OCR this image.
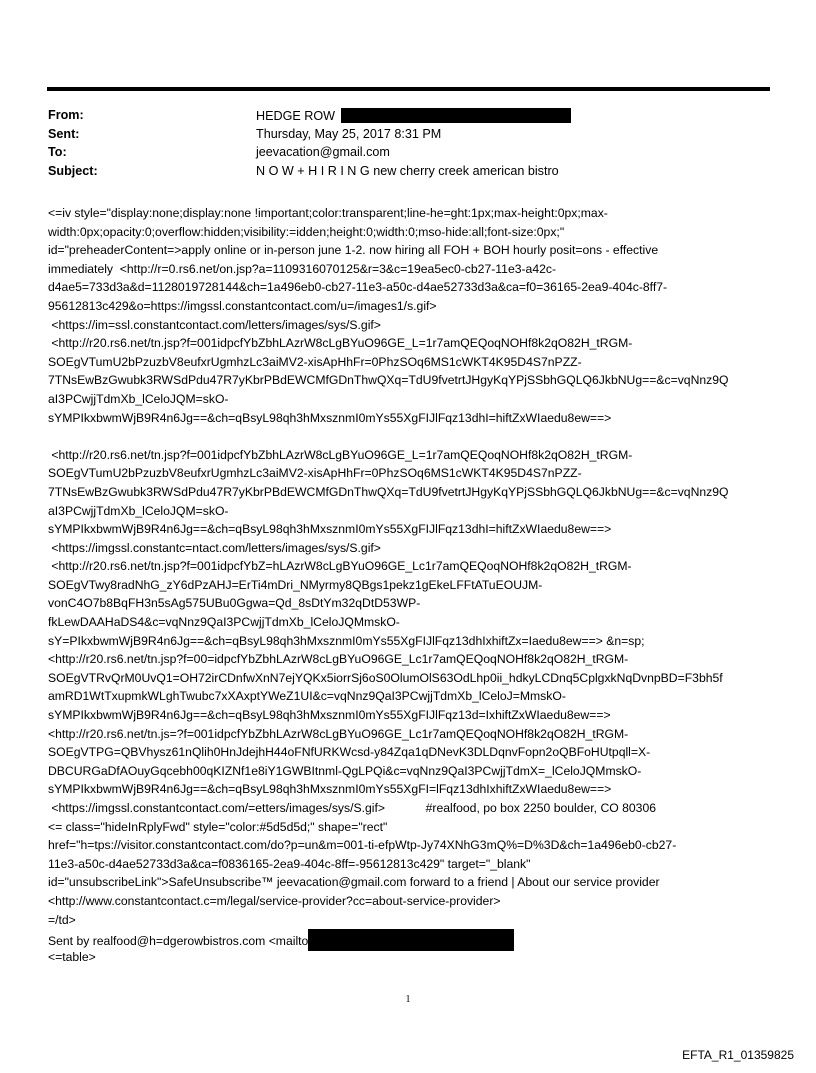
From:	HEDGE ROW
Sent:	Thursday, May 25, 2017 8:31 PM
To:	jeevacation@gmail.com
Subject:	N O W + H I R I N G new cherry creek american bistro
<=iv style="display:none;display:none !important;color:transparent;line-he=ght:1px;max-height:0px;max-
width:0px;opacity:0;overflow:hidden;visibility:=idden;height:0;width:0;mso-hide:all;font-size:0px;"
id="preheaderContent=>apply online or in-person june 1-2. now hiring all FOH + BOH hourly posit=ons - effective
immediately  <http://r=0.rs6.net/on.jsp?a=1109316070125&r=3&c=19ea5ec0-cb27-11e3-a42c-
d4ae5=733d3a&d=1128019728144&ch=1a496eb0-cb27-11e3-a50c-d4ae52733d3a&ca=f0=36165-2ea9-404c-8ff7-
95612813c429&o=https://imgssl.constantcontact.com/u=/images1/s.gif>
<https://im=ssl.constantcontact.com/letters/images/sys/S.gif>
<http://r20.rs6.net/tn.jsp?f=001idpcfYbZbhLAzrW8cLgBYuO96GE_L=1r7amQEQoqNOHf8k2qO82H_tRGM-
SOEgVTumU2bPzuzbV8eufxrUgmhzLc3aiMV2-xisApHhFr=0PhzSOq6MS1cWKT4K95D4S7nPZZ-
7TNsEwBzGwubk3RWSdPdu47R7yKbrPBdEWCMfGDnThwQXq=TdU9fvetrtJHgyKqYPjSSbhGQLQ6JkbNUg==&c=vqNnz9Q
aI3PCwjjTdmXb_lCeloJQM=skO-
sYMPIkxbwmWjB9R4n6Jg==&ch=qBsyL98qh3hMxsznmI0mYs55XgFIJlFqz13dhI=hiftZxWIaedu8ew==>
<http://r20.rs6.net/tn.jsp?f=001idpcfYbZbhLAzrW8cLgBYuO96GE_L=1r7amQEQoqNOHf8k2qO82H_tRGM-
SOEgVTumU2bPzuzbV8eufxrUgmhzLc3aiMV2-xisApHhFr=0PhzSOq6MS1cWKT4K95D4S7nPZZ-
7TNsEwBzGwubk3RWSdPdu47R7yKbrPBdEWCMfGDnThwQXq=TdU9fvetrtJHgyKqYPjSSbhGQLQ6JkbNUg==&c=vqNnz9Q
aI3PCwjjTdmXb_lCeloJQM=skO-
sYMPIkxbwmWjB9R4n6Jg==&ch=qBsyL98qh3hMxsznmI0mYs55XgFIJlFqz13dhI=hiftZxWIaedu8ew==>
<https://imgssl.constantc=ntact.com/letters/images/sys/S.gif>
<http://r20.rs6.net/tn.jsp?f=001idpcfYbZ=hLAzrW8cLgBYuO96GE_Lc1r7amQEQoqNOHf8k2qO82H_tRGM-
SOEgVTwy8radNhG_zY6dPzAHJ=ErTi4mDri_NMyrmy8QBgs1pekz1gEkeLFFtATuEOUJM-
vonC4O7b8BqFH3n5sAg575UBu0Ggwa=Qd_8sDtYm32qDtD53WP-
fkLewDAAHaDS4&c=vqNnz9QaI3PCwjjTdmXb_lCeloJQMmskO-
sY=PIkxbwmWjB9R4n6Jg==&ch=qBsyL98qh3hMxsznmI0mYs55XgFIJlFqz13dhIxhiftZx=Iaedu8ew==> &n=sp;
<http://r20.rs6.net/tn.jsp?f=00=idpcfYbZbhLAzrW8cLgBYuO96GE_Lc1r7amQEQoqNOHf8k2qO82H_tRGM-
SOEgVTRvQrM0UvQ1=OH72irCDnfwXnN7ejYQKx5iorrSj6oS0OlumOlS63OdLhp0ii_hdkyLCDnq5CplgxkNqDvnpBD=F3bh5f
amRD1WtTxupmkWLghTwubc7xXAxptYWeZ1UI&c=vqNnz9QaI3PCwjjTdmXb_lCeloJ=MmskO-
sYMPIkxbwmWjB9R4n6Jg==&ch=qBsyL98qh3hMxsznmI0mYs55XgFIJlFqz13d=IxhiftZxWIaedu8ew==>
<http://r20.rs6.net/tn.js=?f=001idpcfYbZbhLAzrW8cLgBYuO96GE_Lc1r7amQEQoqNOHf8k2qO82H_tRGM-
SOEgVTPG=QBVhysz61nQlih0HnJdejhH44oFNfURKWcsd-y84Zqa1qDNevK3DLDqnvFopn2oQBFoHUtpqll=X-
DBCURGaDfAOuyGqcebh00qKIZNf1e8iY1GWBItnml-QgLPQi&c=vqNnz9QaI3PCwjjTdmX=_lCeloJQMmskO-
sYMPIkxbwmWjB9R4n6Jg==&ch=qBsyL98qh3hMxsznmI0mYs55XgFI=lFqz13dhIxhiftZxWIaedu8ew==>
<https://imgssl.constantcontact.com/=etters/images/sys/S.gif>            #realfood, po box 2250 boulder, CO 80306
<= class="hideInRplyFwd" style="color:#5d5d5d;" shape="rect"
href="h=tps://visitor.constantcontact.com/do?p=un&m=001-ti-efpWtp-Jy74XNhG3mQ%=D%3D&ch=1a496eb0-cb27-
11e3-a50c-d4ae52733d3a&ca=f0836165-2ea9-404c-8ff=-95612813c429" target="_blank"
id="unsubscribeLink">SafeUnsubscribe™ jeevacation@gmail.com forward to a friend | About our service provider
<http://www.constantcontact.c=m/legal/service-provider?cc=about-service-provider>
=/td>
Sent by realfood@h=dgerowbistros.com <mailto
<=table>
1
EFTA_R1_01359825
